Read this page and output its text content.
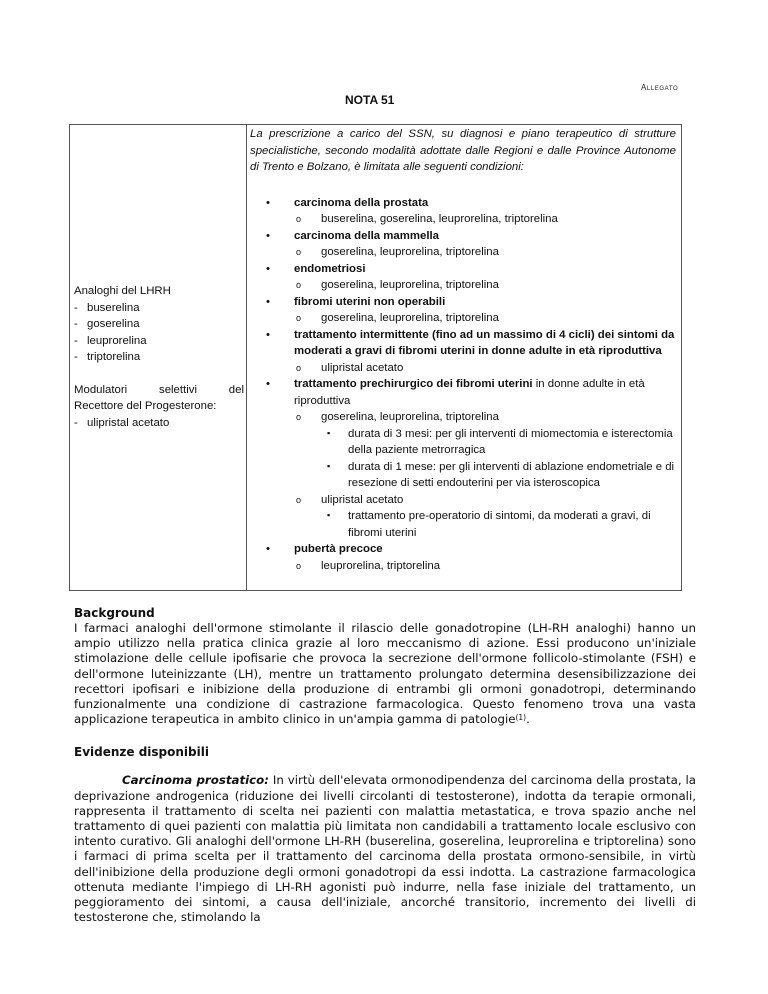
Allegato
NOTA 51

Analoghi del LHRH

- buserelina

- goserelina

- leuprorelina

- triptorelina

Modulatori selettivi del

Recettore del Progesterone:

- ulipristal acetato

La prescrizione a carico del SSN, su diagnosi e piano terapeutico di strutture specialistiche, secondo modalità adottate dalle Regioni e dalle Province Autonome di Trento e Bolzano, è limitata alle seguenti condizioni:

• carcinoma della prostata
o buserelina, goserelina, leuprorelina, triptorelina
• carcinoma della mammella
o goserelina, leuprorelina, triptorelina
• endometriosi
o goserelina, leuprorelina, triptorelina
• fibromi uterini non operabili
o goserelina, leuprorelina, triptorelina
• trattamento intermittente (fino ad un massimo di 4 cicli) dei sintomi da moderati a gravi di fibromi uterini in donne adulte in età riproduttiva
o ulipristal acetato
• trattamento prechirurgico dei fibromi uterini in donne adulte in età riproduttiva
o goserelina, leuprorelina, triptorelina
▪ durata di 3 mesi: per gli interventi di miomectomia e isterectomia della paziente metrorragica
▪ durata di 1 mese: per gli interventi di ablazione endometriale e di resezione di setti endouterini per via isteroscopica
o ulipristal acetato
▪ trattamento pre-operatorio di sintomi, da moderati a gravi, di fibromi uterini
• pubertà precoce
o leuprorelina, triptorelina
Background

I farmaci analoghi dell'ormone stimolante il rilascio delle gonadotropine (LH-RH analoghi) hanno un ampio utilizzo nella pratica clinica grazie al loro meccanismo di azione. Essi producono un'iniziale stimolazione delle cellule ipofisarie che provoca la secrezione dell'ormone follicolo-stimolante (FSH) e dell'ormone luteinizzante (LH), mentre un trattamento prolungato determina desensibilizzazione dei recettori ipofisari e inibizione della produzione di entrambi gli ormoni gonadotropi, determinando funzionalmente una condizione di castrazione farmacologica. Questo fenomeno trova una vasta applicazione terapeutica in ambito clinico in un'ampia gamma di patologie$^{(1)}$.

Evidenze disponibili

Carcinoma prostatico: In virtù dell'elevata ormonodipendenza del carcinoma della prostata, la deprivazione androgenica (riduzione dei livelli circolanti di testosterone), indotta da terapie ormonali, rappresenta il trattamento di scelta nei pazienti con malattia metastatica, e trova spazio anche nel trattamento di quei pazienti con malattia più limitata non candidabili a trattamento locale esclusivo con intento curativo. Gli analoghi dell'ormone LH-RH (buserelina, goserelina, leuprorelina e triptorelina) sono i farmaci di prima scelta per il trattamento del carcinoma della prostata ormono-sensibile, in virtù dell'inibizione della produzione degli ormoni gonadotropi da essi indotta. La castrazione farmacologica ottenuta mediante l'impiego di LH-RH agonisti può indurre, nella fase iniziale del trattamento, un peggioramento dei sintomi, a causa dell'iniziale, ancorché transitorio, incremento dei livelli di testosterone che, stimolando la
